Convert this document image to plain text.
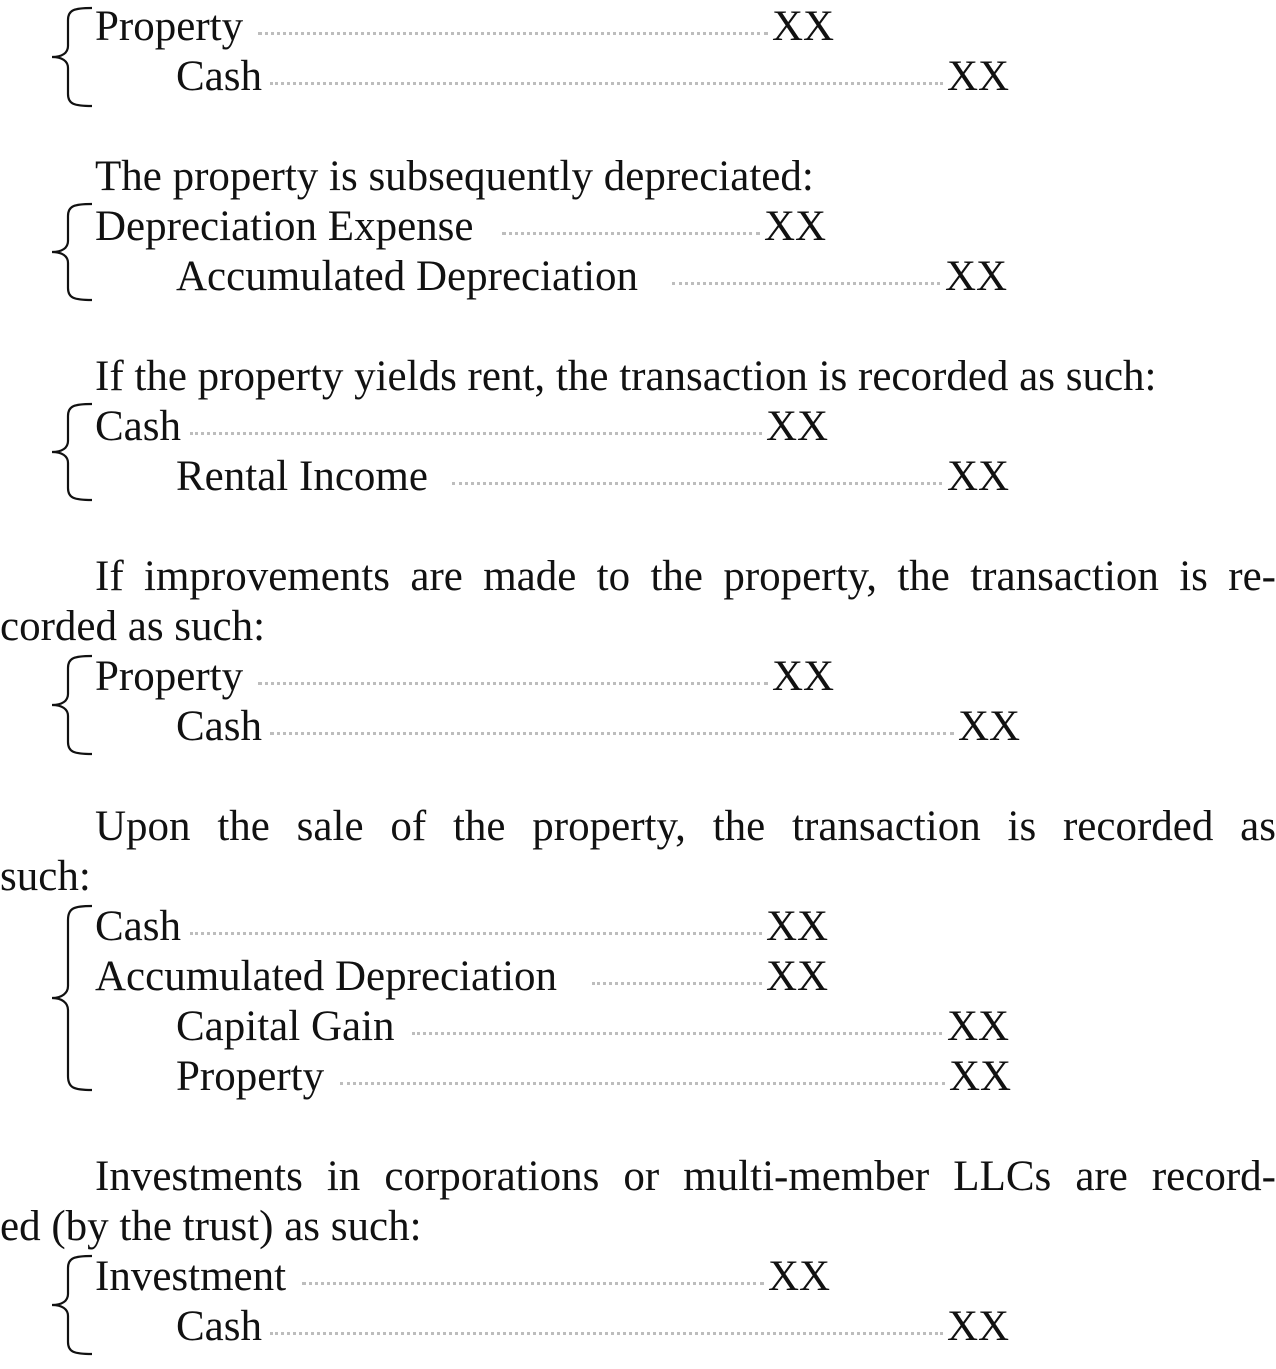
Property	XX
Cash	XX
The property is subsequently depreciated:
Depreciation Expense	XX
Accumulated Depreciation	XX
If the property yields rent, the transaction is recorded as such:
Cash	XX
Rental Income	XX
If improvements are made to the property, the transaction is re-
corded as such:
Property	XX
Cash	XX
Upon the sale of the property, the transaction is recorded as
such:
Cash	XX
Accumulated Depreciation	XX
Capital Gain	XX
Property	XX
Investments in corporations or multi-member LLCs are record-
ed (by the trust) as such:
Investment	XX
Cash	XX
